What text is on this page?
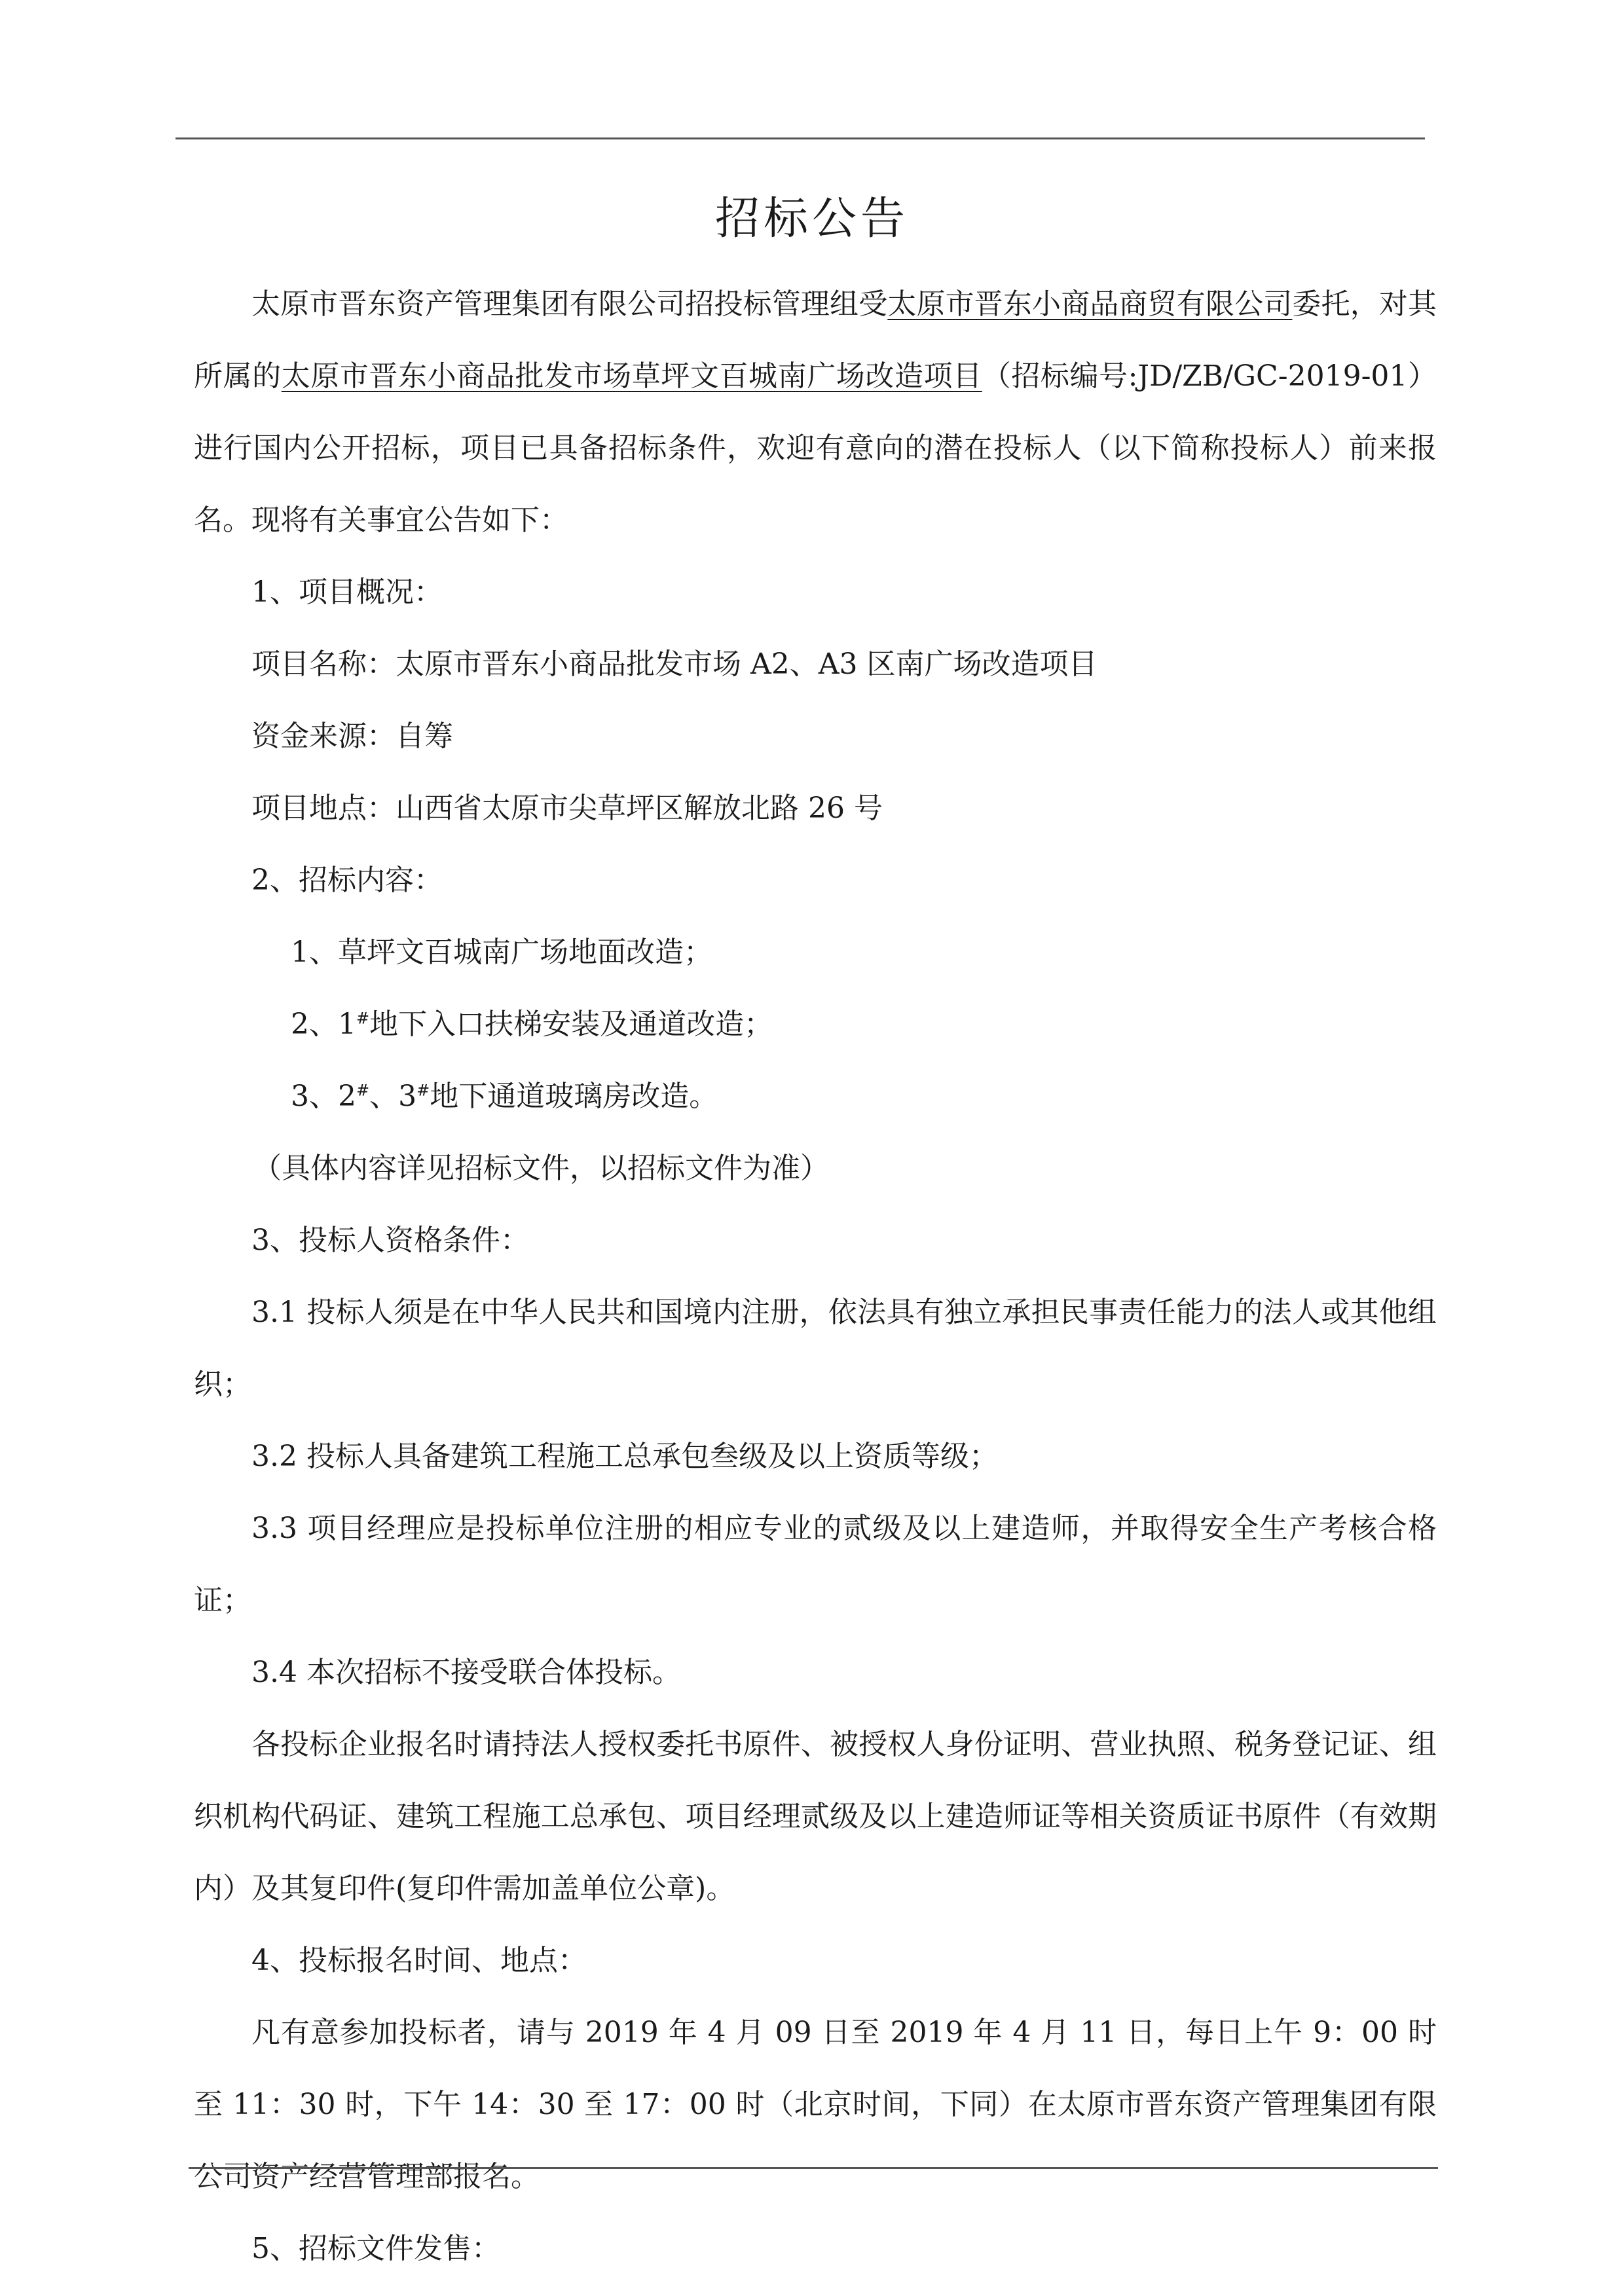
招标公告

太原市晋东资产管理集团有限公司招投标管理组受太原市晋东小商品商贸有限公司委托，对其所属的太原市晋东小商品批发市场草坪文百城南广场改造项目（招标编号:JD/ZB/GC-2019-01）进行国内公开招标，项目已具备招标条件，欢迎有意向的潜在投标人（以下简称投标人）前来报名。现将有关事宜公告如下：

1、项目概况：

项目名称：太原市晋东小商品批发市场 A2、A3 区南广场改造项目

资金来源：自筹

项目地点：山西省太原市尖草坪区解放北路 26 号

2、招标内容：

1、草坪文百城南广场地面改造；

2、1#地下入口扶梯安装及通道改造；

3、2#、3#地下通道玻璃房改造。

（具体内容详见招标文件，以招标文件为准）

3、投标人资格条件：

3.1 投标人须是在中华人民共和国境内注册，依法具有独立承担民事责任能力的法人或其他组织；

3.2 投标人具备建筑工程施工总承包叁级及以上资质等级；

3.3 项目经理应是投标单位注册的相应专业的贰级及以上建造师，并取得安全生产考核合格证；

3.4 本次招标不接受联合体投标。

各投标企业报名时请持法人授权委托书原件、被授权人身份证明、营业执照、税务登记证、组织机构代码证、建筑工程施工总承包、项目经理贰级及以上建造师证等相关资质证书原件（有效期内）及其复印件(复印件需加盖单位公章)。

4、投标报名时间、地点：

凡有意参加投标者，请与 2019 年 4 月 09 日至 2019 年 4 月 11 日，每日上午 9：00 时至 11：30 时，下午 14：30 至 17：00 时（北京时间，下同）在太原市晋东资产管理集团有限公司资产经营管理部报名。

5、招标文件发售：
